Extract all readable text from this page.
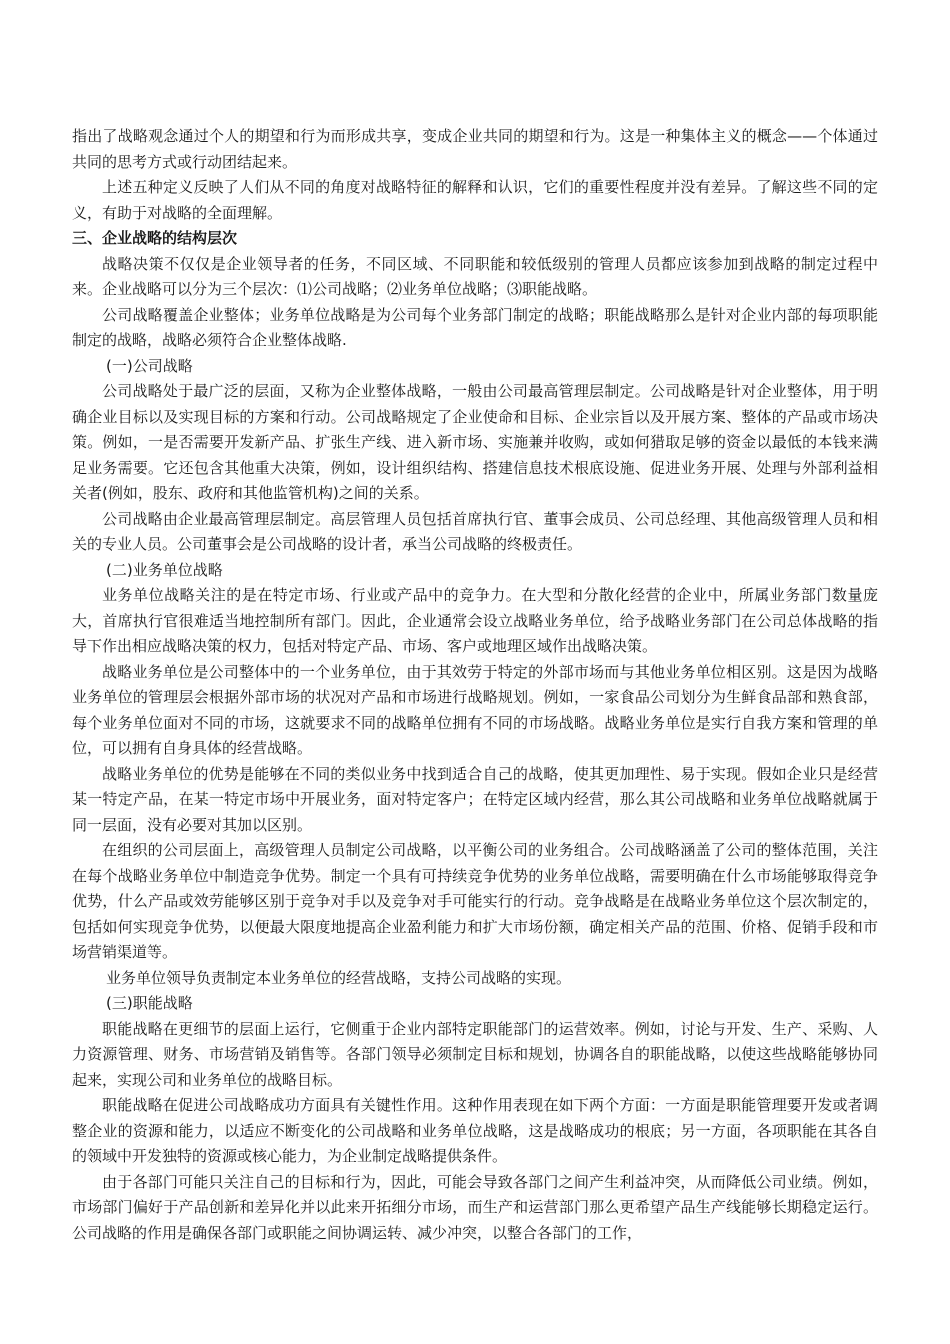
指出了战略观念通过个人的期望和行为而形成共享，变成企业共同的期望和行为。这是一种集体主义的概念——个体通过共同的思考方式或行动团结起来。

上述五种定义反映了人们从不同的角度对战略特征的解释和认识，它们的重要性程度并没有差异。了解这些不同的定义，有助于对战略的全面理解。

三、企业战略的结构层次

战略决策不仅仅是企业领导者的任务，不同区域、不同职能和较低级别的管理人员都应该参加到战略的制定过程中来。企业战略可以分为三个层次：⑴公司战略；⑵业务单位战略；⑶职能战略。

公司战略覆盖企业整体；业务单位战略是为公司每个业务部门制定的战略；职能战略那么是针对企业内部的每项职能制定的战略，战略必须符合企业整体战略.

(一)公司战略

公司战略处于最广泛的层面，又称为企业整体战略，一般由公司最高管理层制定。公司战略是针对企业整体，用于明确企业目标以及实现目标的方案和行动。公司战略规定了企业使命和目标、企业宗旨以及开展方案、整体的产品或市场决策。例如，一是否需要开发新产品、扩张生产线、进入新市场、实施兼并收购，或如何猎取足够的资金以最低的本钱来满足业务需要。它还包含其他重大决策，例如，设计组织结构、搭建信息技术根底设施、促进业务开展、处理与外部利益相关者(例如，股东、政府和其他监管机构)之间的关系。

公司战略由企业最高管理层制定。高层管理人员包括首席执行官、董事会成员、公司总经理、其他高级管理人员和相关的专业人员。公司董事会是公司战略的设计者，承当公司战略的终极责任。

(二)业务单位战略

业务单位战略关注的是在特定市场、行业或产品中的竞争力。在大型和分散化经营的企业中，所属业务部门数量庞大，首席执行官很难适当地控制所有部门。因此，企业通常会设立战略业务单位，给予战略业务部门在公司总体战略的指导下作出相应战略决策的权力，包括对特定产品、市场、客户或地理区域作出战略决策。

战略业务单位是公司整体中的一个业务单位，由于其效劳于特定的外部市场而与其他业务单位相区别。这是因为战略业务单位的管理层会根据外部市场的状况对产品和市场进行战略规划。例如，一家食品公司划分为生鲜食品部和熟食部，每个业务单位面对不同的市场，这就要求不同的战略单位拥有不同的市场战略。战略业务单位是实行自我方案和管理的单位，可以拥有自身具体的经营战略。

战略业务单位的优势是能够在不同的类似业务中找到适合自己的战略，使其更加理性、易于实现。假如企业只是经营某一特定产品，在某一特定市场中开展业务，面对特定客户；在特定区域内经营，那么其公司战略和业务单位战略就属于同一层面，没有必要对其加以区别。

在组织的公司层面上，高级管理人员制定公司战略，以平衡公司的业务组合。公司战略涵盖了公司的整体范围，关注在每个战略业务单位中制造竞争优势。制定一个具有可持续竞争优势的业务单位战略，需要明确在什么市场能够取得竞争优势，什么产品或效劳能够区别于竞争对手以及竞争对手可能实行的行动。竞争战略是在战略业务单位这个层次制定的，包括如何实现竞争优势，以便最大限度地提高企业盈利能力和扩大市场份额，确定相关产品的范围、价格、促销手段和市场营销渠道等。

业务单位领导负责制定本业务单位的经营战略，支持公司战略的实现。

(三)职能战略

职能战略在更细节的层面上运行，它侧重于企业内部特定职能部门的运营效率。例如，讨论与开发、生产、采购、人力资源管理、财务、市场营销及销售等。各部门领导必须制定目标和规划，协调各自的职能战略，以使这些战略能够协同起来，实现公司和业务单位的战略目标。

职能战略在促进公司战略成功方面具有关键性作用。这种作用表现在如下两个方面：一方面是职能管理要开发或者调整企业的资源和能力，以适应不断变化的公司战略和业务单位战略，这是战略成功的根底；另一方面，各项职能在其各自的领域中开发独特的资源或核心能力，为企业制定战略提供条件。

由于各部门可能只关注自己的目标和行为，因此，可能会导致各部门之间产生利益冲突，从而降低公司业绩。例如，市场部门偏好于产品创新和差异化并以此来开拓细分市场，而生产和运营部门那么更希望产品生产线能够长期稳定运行。公司战略的作用是确保各部门或职能之间协调运转、减少冲突，以整合各部门的工作，
